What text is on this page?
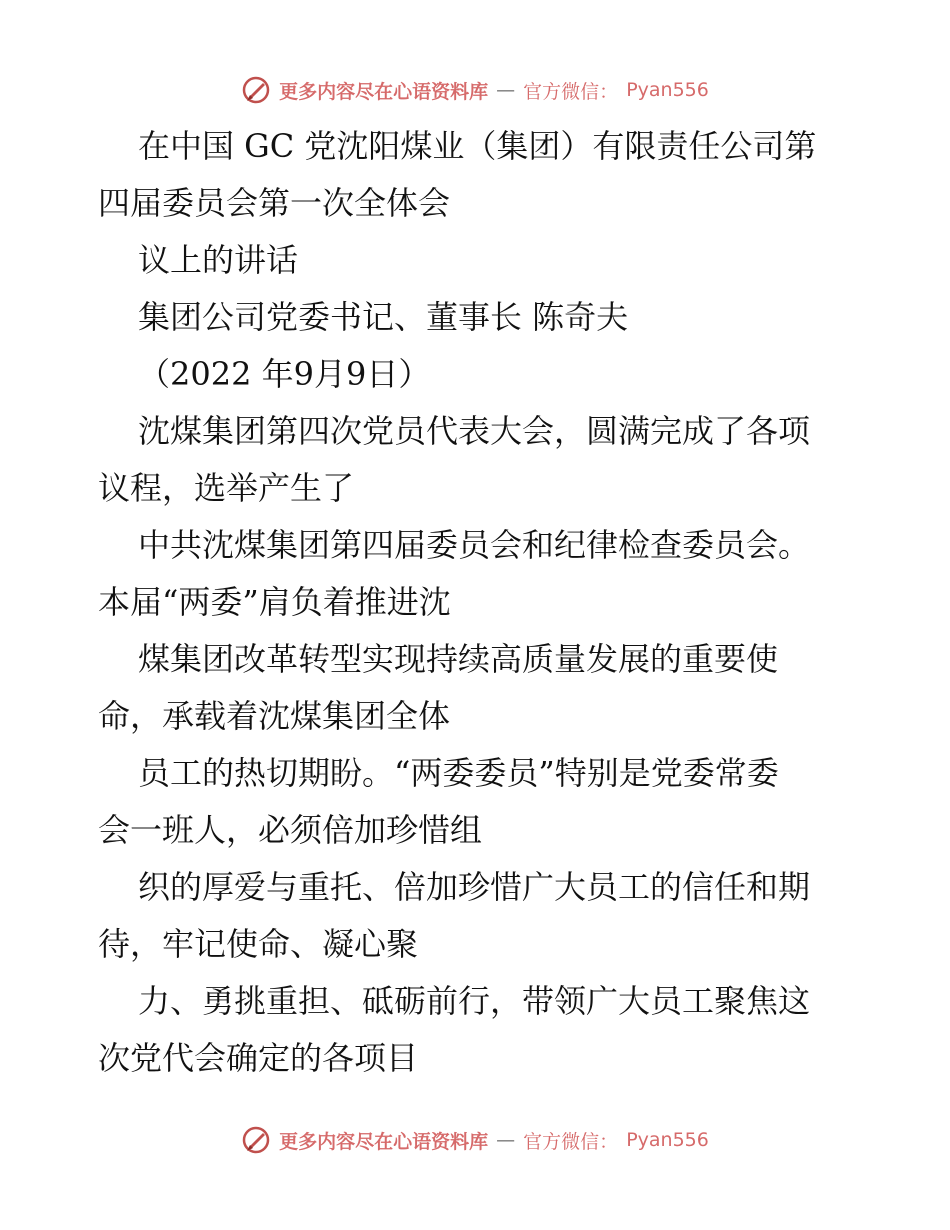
更多内容尽在心语资料库 — 官方微信： Pyan556
在中国 GC 党沈阳煤业（集团）有限责任公司第
四届委员会第一次全体会
议上的讲话
集团公司党委书记、董事长 陈奇夫
（2022 年9月9日）
沈煤集团第四次党员代表大会，圆满完成了各项
议程，选举产生了
中共沈煤集团第四届委员会和纪律检查委员会。
本届“两委”肩负着推进沈
煤集团改革转型实现持续高质量发展的重要使
命，承载着沈煤集团全体
员工的热切期盼。“两委委员”特别是党委常委
会一班人，必须倍加珍惜组
织的厚爱与重托、倍加珍惜广大员工的信任和期
待，牢记使命、凝心聚
力、勇挑重担、砥砺前行，带领广大员工聚焦这
次党代会确定的各项目
更多内容尽在心语资料库 — 官方微信： Pyan556
